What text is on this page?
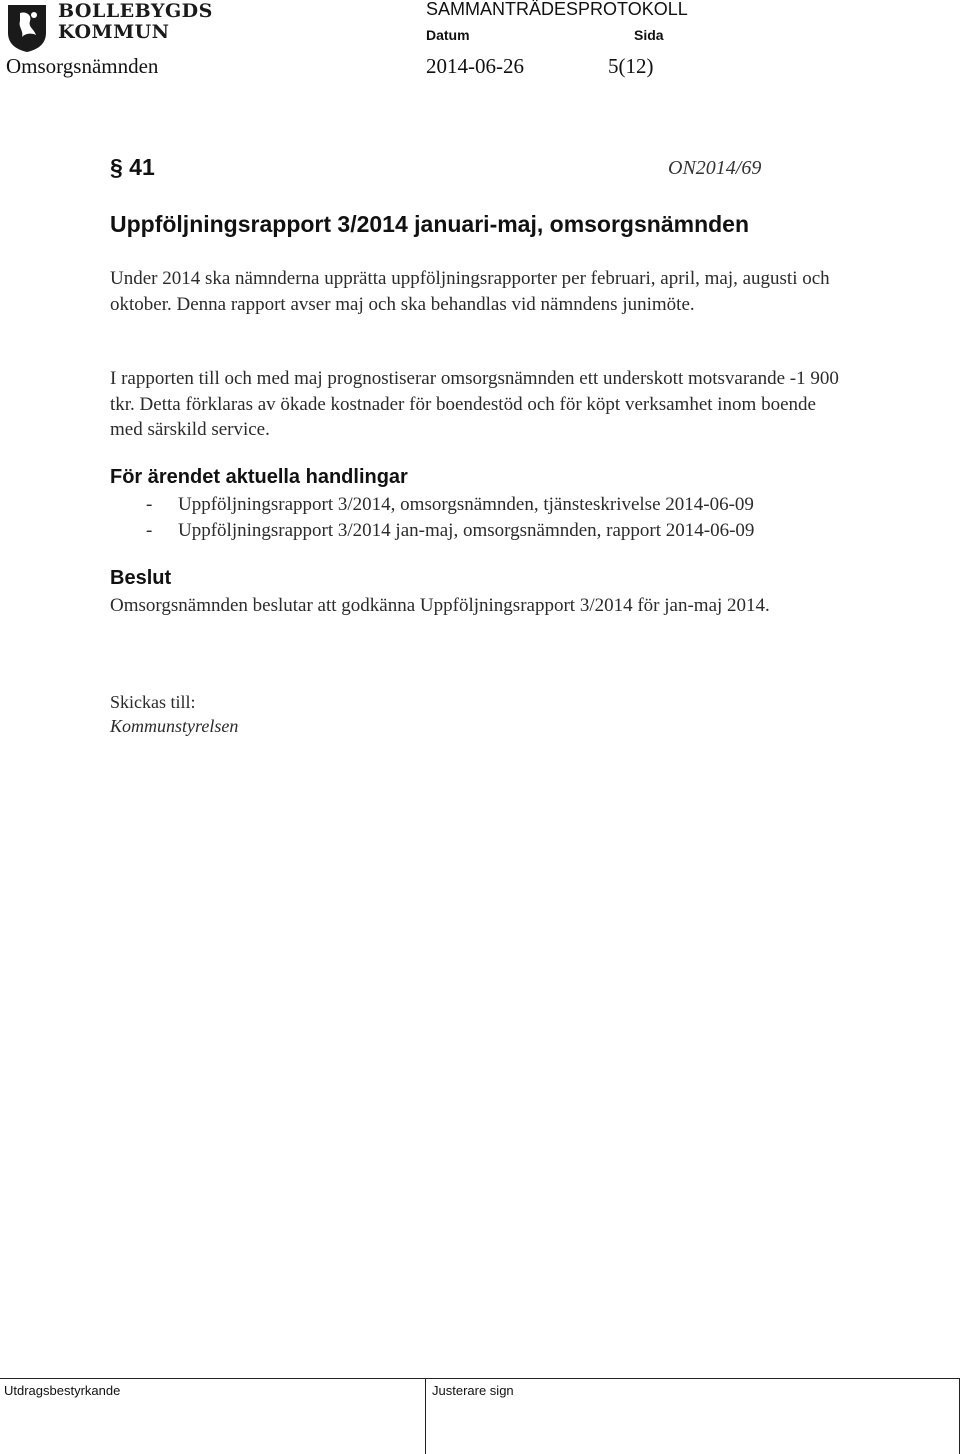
BOLLEBYGDS
KOMMUN
SAMMANTRÄDESPROTOKOLL
Datum	Sida
Omsorgsnämnden	2014-06-26	5(12)
§ 41	ON2014/69
Uppföljningsrapport 3/2014 januari-maj, omsorgsnämnden

Under 2014 ska nämnderna upprätta uppföljningsrapporter per februari, april, maj, augusti och oktober. Denna rapport avser maj och ska behandlas vid nämndens junimöte.

I rapporten till och med maj prognostiserar omsorgsnämnden ett underskott motsvarande -1 900 tkr. Detta förklaras av ökade kostnader för boendestöd och för köpt verksamhet inom boende med särskild service.

För ärendet aktuella handlingar
- Uppföljningsrapport 3/2014, omsorgsnämnden, tjänsteskrivelse 2014-06-09
- Uppföljningsrapport 3/2014 jan-maj, omsorgsnämnden, rapport 2014-06-09
Beslut

Omsorgsnämnden beslutar att godkänna Uppföljningsrapport 3/2014 för jan-maj 2014.

Skickas till:
Kommunstyrelsen
Utdragsbestyrkande	Justerare sign
